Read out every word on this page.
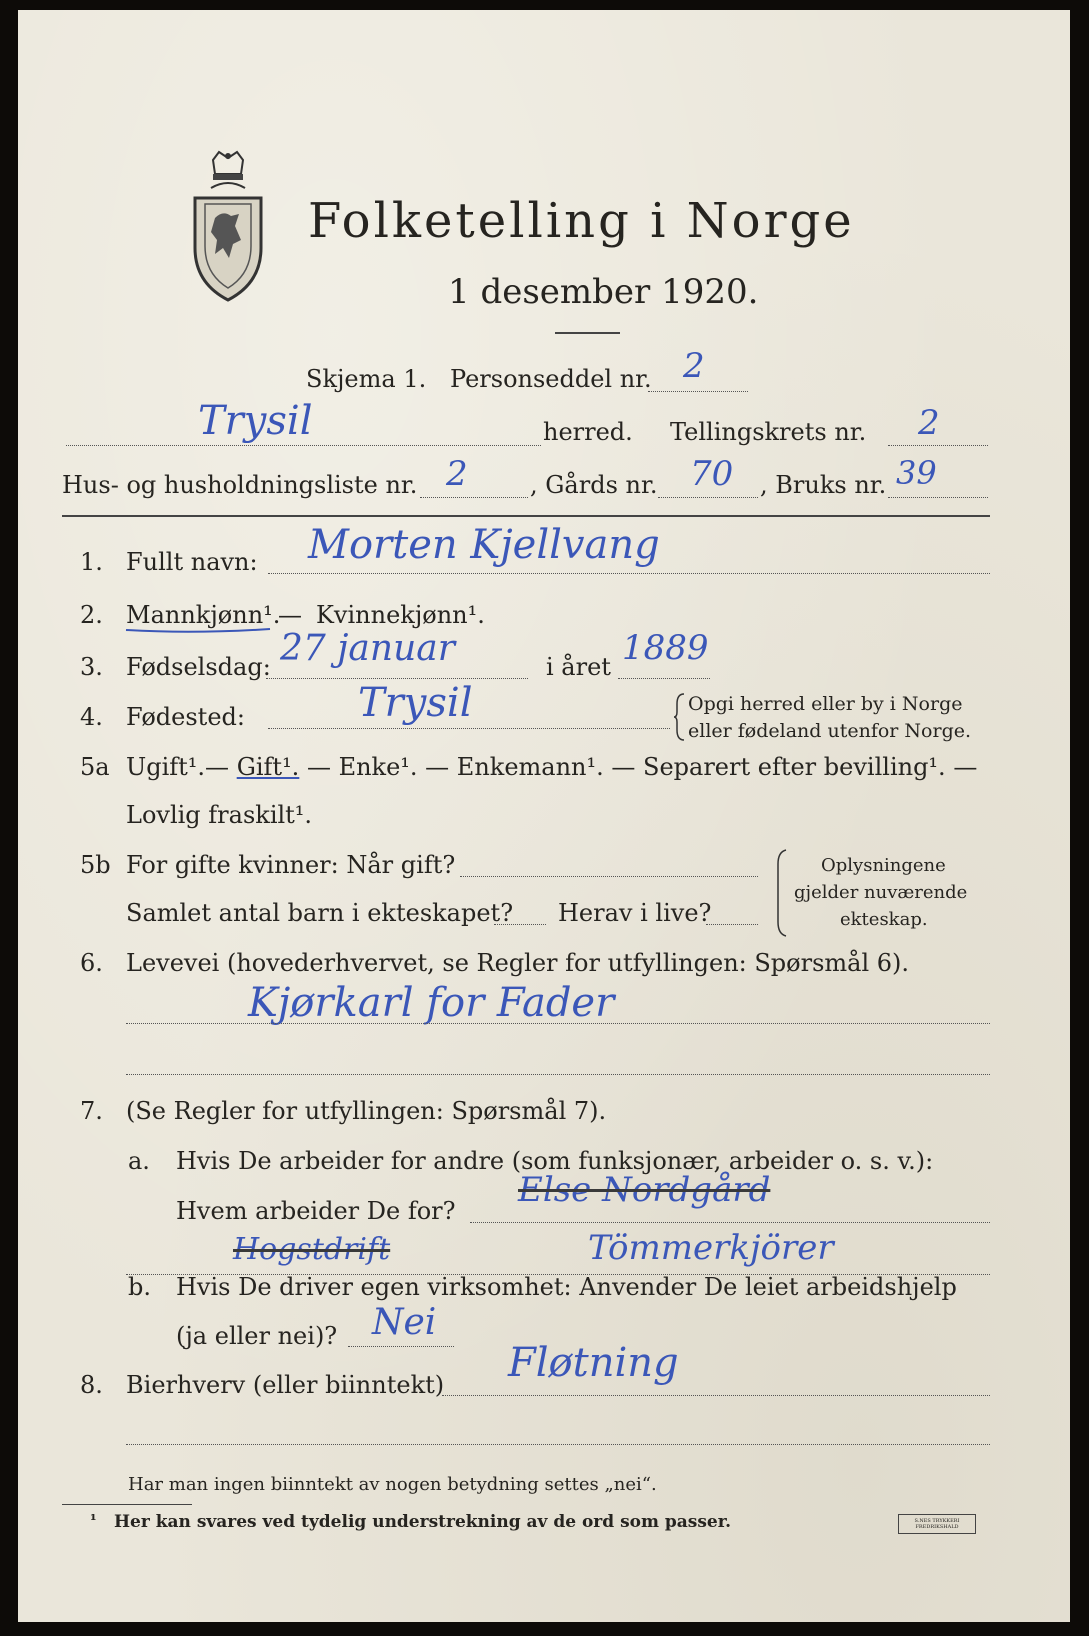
Folketelling i Norge
1 desember 1920.
Skjema 1. Personseddel nr. 2
Trysil	herred. Tellingskrets nr. 2
Hus- og husholdningsliste nr. 2	, Gårds nr. 70 , Bruks nr. 39
1. Fullt navn: Morten Kjellvang
2. Mannkjønn¹.
— Kvinnekjønn¹.
3. Fødselsdag: 27 januar	i året 1889
4. Fødested:	Trysil	Opgi herred eller by i Norge
eller fødeland utenfor Norge.
5a Ugift¹.— Gift¹. — Enke¹. — Enkemann¹. — Separert efter bevilling¹. —
Lovlig fraskilt¹.
5b For gifte kvinner: Når gift?
Samlet antal barn i ekteskapet? Herav i live?
Oplysningene
gjelder nuværende
ekteskap.
6. Levevei (hovederhvervet, se Regler for utfyllingen: Spørsmål 6).
Kjørkarl for Fader
7. (Se Regler for utfyllingen: Spørsmål 7).
a. Hvis De arbeider for andre (som funksjonær, arbeider o. s. v.):
Hvem arbeider De for?
Else Nordgård
Hogstdrift	Tömmerkjörer
b. Hvis De driver egen virksomhet: Anvender De leiet arbeidshjelp
(ja eller nei)? Nei
8. Bierhverv (eller biinntekt) Fløtning
Har man ingen biinntekt av nogen betydning settes „nei“.
¹ Her kan svares ved tydelig understrekning av de ord som passer.	S.NES TRYKKERI FREDRIKSHALD
